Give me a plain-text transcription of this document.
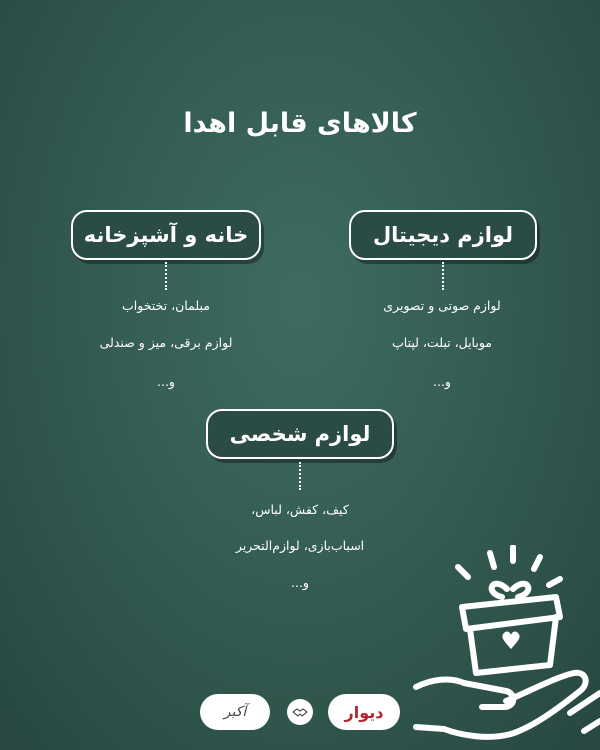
کالاهای قابل اهدا
لوازم دیجیتال
لوازم صوتی و تصویری
موبایل، تبلت، لپتاپ
و...
خانه و آشپزخانه
مبلمان، تختخواب
لوازم برقی، میز و صندلی
و...
لوازم شخصی
کیف، کفش، لباس،
اسباب‌بازی، لوازم‌التحریر
و...
آکبر	دیوار
